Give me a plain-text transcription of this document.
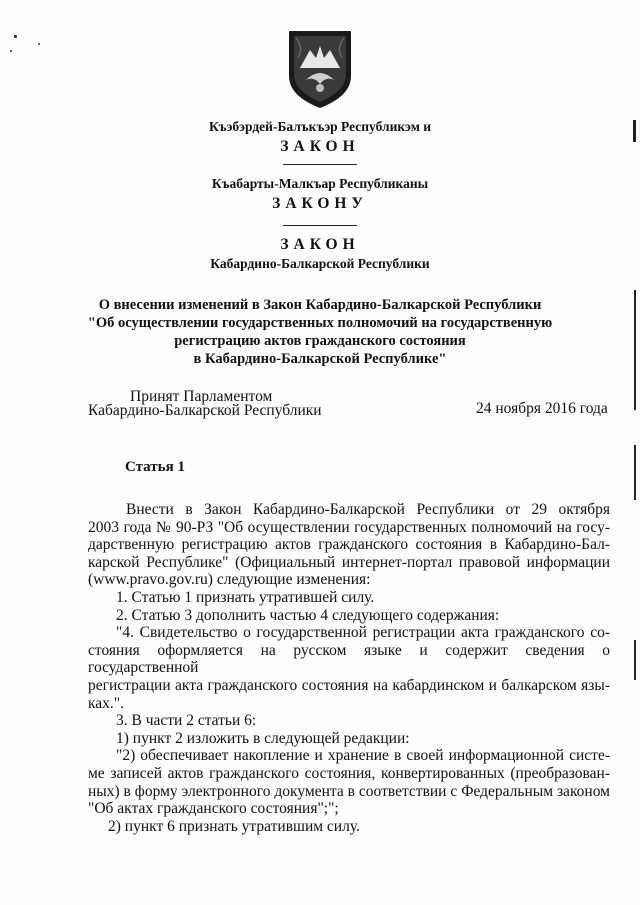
Къэбэрдей-Балъкъэр Республикэм и
ЗАКОН
Къабарты-Малкъар Республиканы
ЗАКОНУ
ЗАКОН
Кабардино-Балкарской Республики
О внесении изменений в Закон Кабардино-Балкарской Республики
"Об осуществлении государственных полномочий на государственную
регистрацию актов гражданского состояния
в Кабардино-Балкарской Республике"
Принят Парламентом
Кабардино-Балкарской Республики	24 ноября 2016 года
Статья 1
Внести в Закон Кабардино-Балкарской Республики от 29 октября
2003 года № 90-РЗ "Об осуществлении государственных полномочий на госу-
дарственную регистрацию актов гражданского состояния в Кабардино-Бал-
карской Республике" (Официальный интернет-портал правовой информации
(www.pravo.gov.ru) следующие изменения:
1. Статью 1 признать утратившей силу.
2. Статью 3 дополнить частью 4 следующего содержания:
"4. Свидетельство о государственной регистрации акта гражданского со-
стояния оформляется на русском языке и содержит сведения о государственной
регистрации акта гражданского состояния на кабардинском и балкарском язы-
ках.".
3. В части 2 статьи 6:
1) пункт 2 изложить в следующей редакции:
"2) обеспечивает накопление и хранение в своей информационной систе-
ме записей актов гражданского состояния, конвертированных (преобразован-
ных) в форму электронного документа в соответствии с Федеральным законом
"Об актах гражданского состояния";";
2) пункт 6 признать утратившим силу.
